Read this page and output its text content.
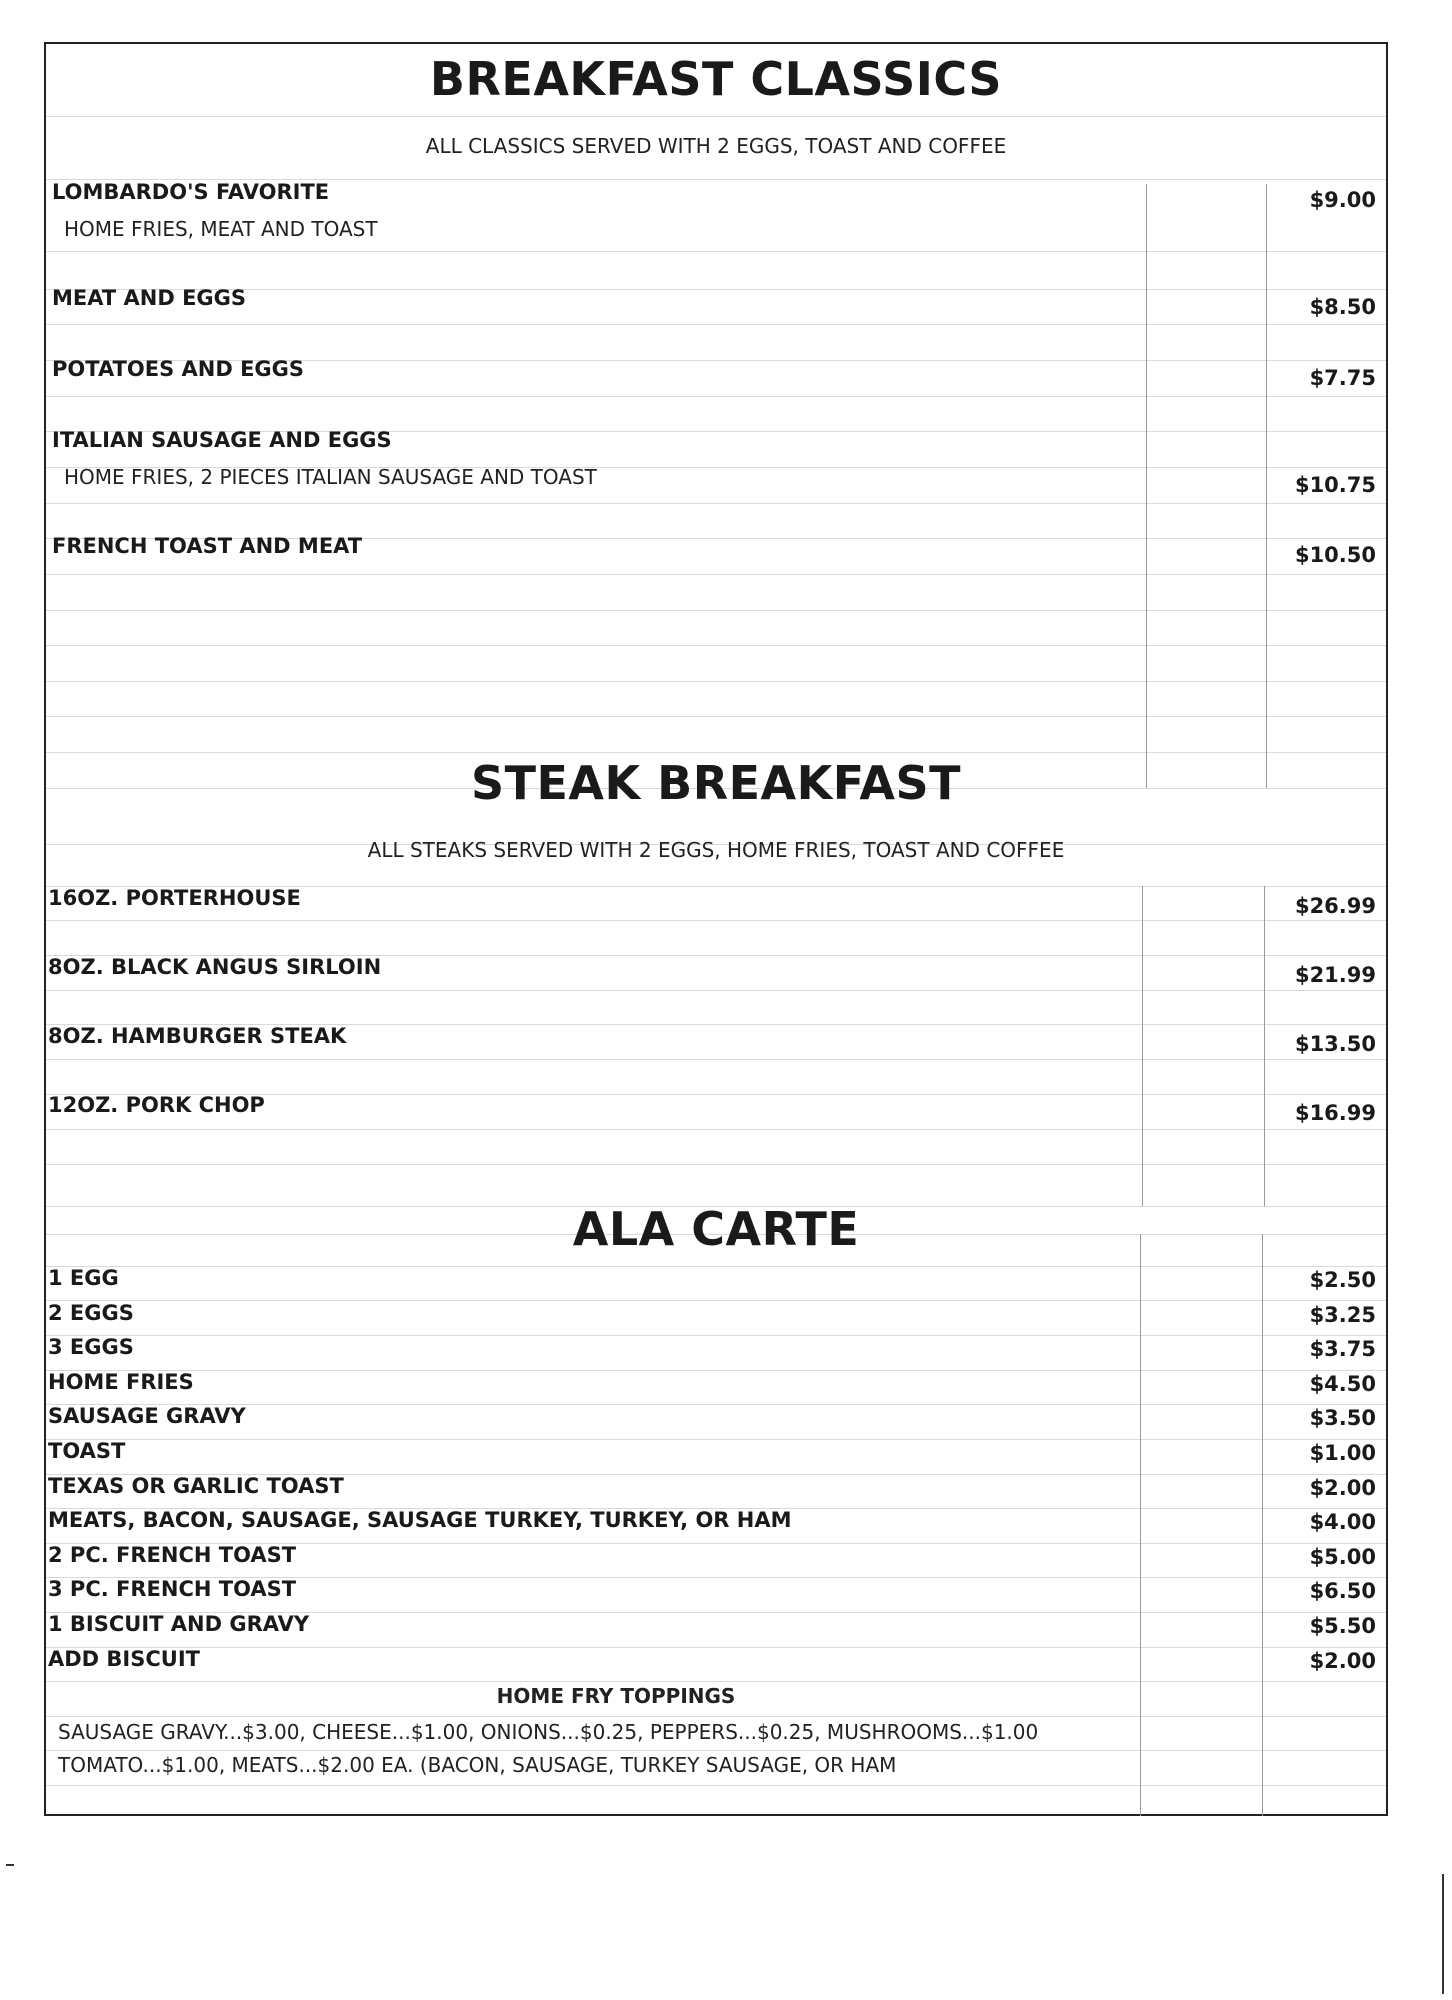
BREAKFAST CLASSICS
ALL CLASSICS SERVED WITH 2 EGGS, TOAST AND COFFEE
LOMBARDO'S FAVORITE
HOME FRIES, MEAT AND TOAST
$9.00
MEAT AND EGGS	$8.50
POTATOES AND EGGS	$7.75
ITALIAN SAUSAGE AND EGGS
HOME FRIES, 2 PIECES ITALIAN SAUSAGE AND TOAST	$10.75
FRENCH TOAST AND MEAT	$10.50
STEAK BREAKFAST
ALL STEAKS SERVED WITH 2 EGGS, HOME FRIES, TOAST AND COFFEE
16OZ. PORTERHOUSE	$26.99
8OZ. BLACK ANGUS SIRLOIN	$21.99
8OZ. HAMBURGER STEAK	$13.50
12OZ. PORK CHOP	$16.99
ALA CARTE
1 EGG	$2.50
2 EGGS	$3.25
3 EGGS	$3.75
HOME FRIES	$4.50
SAUSAGE GRAVY	$3.50
TOAST	$1.00
TEXAS OR GARLIC TOAST	$2.00
MEATS, BACON, SAUSAGE, SAUSAGE TURKEY, TURKEY, OR HAM	$4.00
2 PC. FRENCH TOAST	$5.00
3 PC. FRENCH TOAST	$6.50
1 BISCUIT AND GRAVY	$5.50
ADD BISCUIT	$2.00
HOME FRY TOPPINGS
SAUSAGE GRAVY...$3.00, CHEESE...$1.00, ONIONS...$0.25, PEPPERS...$0.25, MUSHROOMS...$1.00
TOMATO...$1.00, MEATS...$2.00 EA. (BACON, SAUSAGE, TURKEY SAUSAGE, OR HAM
